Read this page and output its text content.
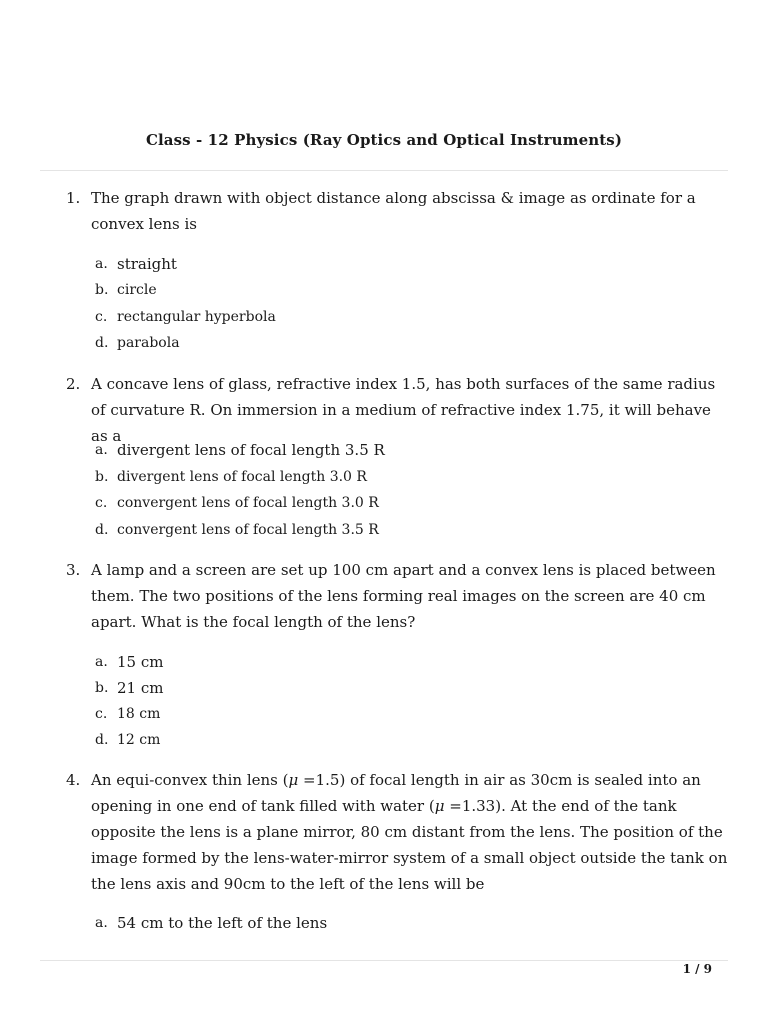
Class - 12 Physics (Ray Optics and Optical Instruments)
1. The graph drawn with object distance along abscissa & image as ordinate for a convex lens is
a. straight
b. circle
c. rectangular hyperbola
d. parabola
2. A concave lens of glass, refractive index 1.5, has both surfaces of the same radius of curvature R. On immersion in a medium of refractive index 1.75, it will behave as a
a. divergent lens of focal length 3.5 R
b. divergent lens of focal length 3.0 R
c. convergent lens of focal length 3.0 R
d. convergent lens of focal length 3.5 R
3. A lamp and a screen are set up 100 cm apart and a convex lens is placed between them. The two positions of the lens forming real images on the screen are 40 cm apart. What is the focal length of the lens?
a. 15 cm
b. 21 cm
c. 18 cm
d. 12 cm
4. An equi-convex thin lens (μ =1.5) of focal length in air as 30cm is sealed into an opening in one end of tank filled with water (μ =1.33). At the end of the tank opposite the lens is a plane mirror, 80 cm distant from the lens. The position of the image formed by the lens-water-mirror system of a small object outside the tank on the lens axis and 90cm to the left of the lens will be
a. 54 cm to the left of the lens
1 / 9
